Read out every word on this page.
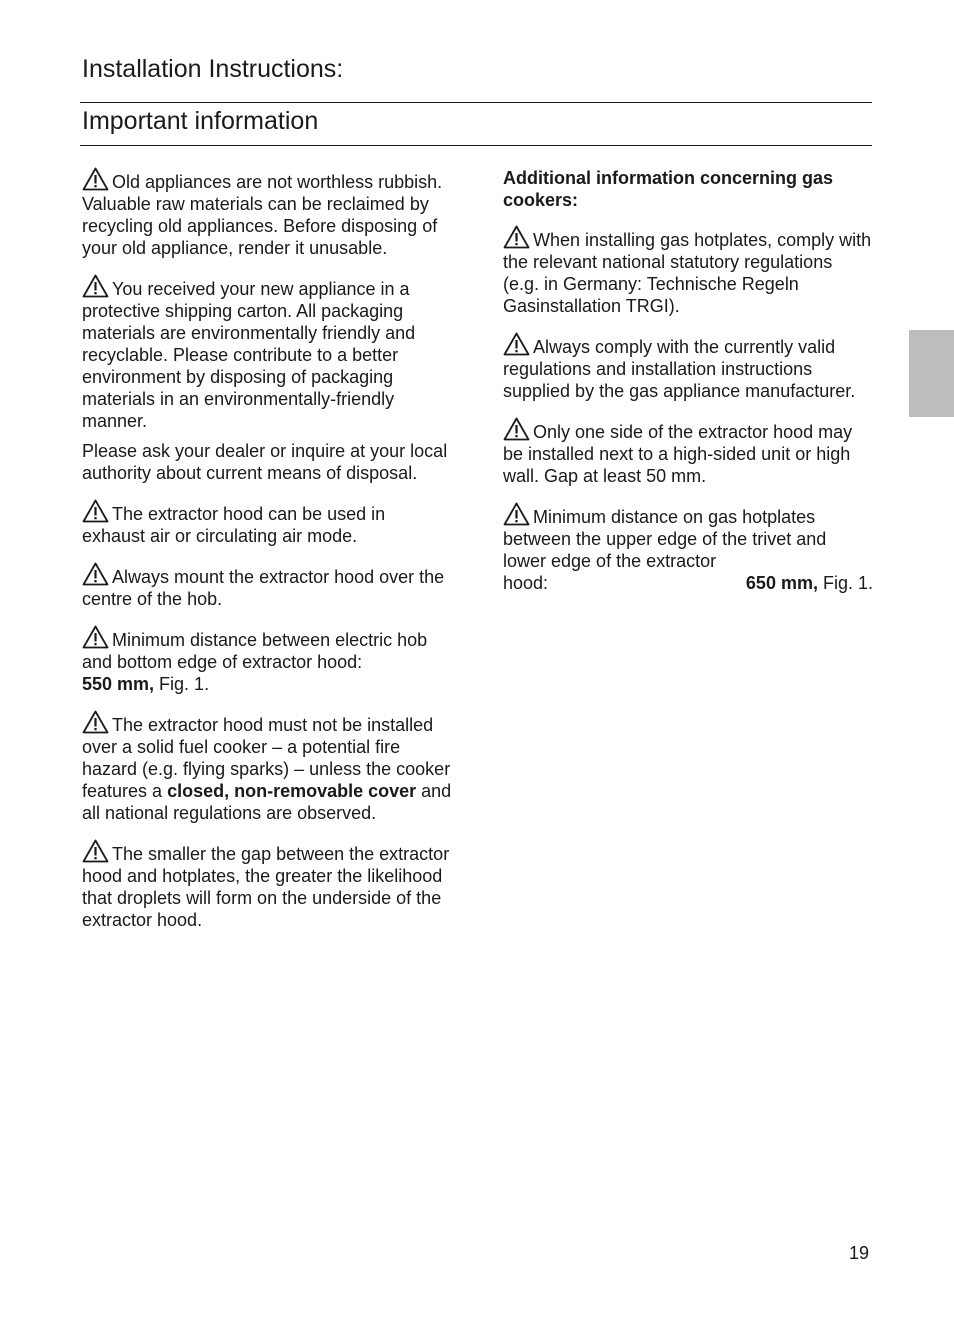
Installation Instructions:
Important information
Old appliances are not worthless rubbish. Valuable raw materials can be reclaimed by recycling old appliances. Before disposing of your old appliance, render it unusable.
You received your new appliance in a protective shipping carton. All packaging materials are environmentally friendly and recyclable. Please contribute to a better environment by disposing of packaging materials in an environmentally-friendly manner.
Please ask your dealer or inquire at your local authority about current means of disposal.
The extractor hood can be used in exhaust air or circulating air mode.
Always mount the extractor hood over the centre of the hob.
Minimum distance between electric hob and bottom edge of extractor hood:
550 mm, Fig. 1.
The extractor hood must not be installed over a solid fuel cooker – a potential fire hazard (e.g. flying sparks) – unless the cooker features a closed, non-removable cover and all national regulations are observed.
The smaller the gap between the extractor hood and hotplates, the greater the likelihood that droplets will form on the underside of the extractor hood.
Additional information concerning gas cookers:
When installing gas hotplates, comply with the relevant national statutory regulations (e.g. in Germany: Technische Regeln Gasinstallation TRGI).
Always comply with the currently valid regulations and installation instructions supplied by the gas appliance manufacturer.
Only one side of the extractor hood may be installed next to a high-sided unit or high wall. Gap at least 50 mm.
Minimum distance on gas hotplates between the upper edge of the trivet and lower edge of the extractor
hood:	650 mm, Fig. 1.
19
